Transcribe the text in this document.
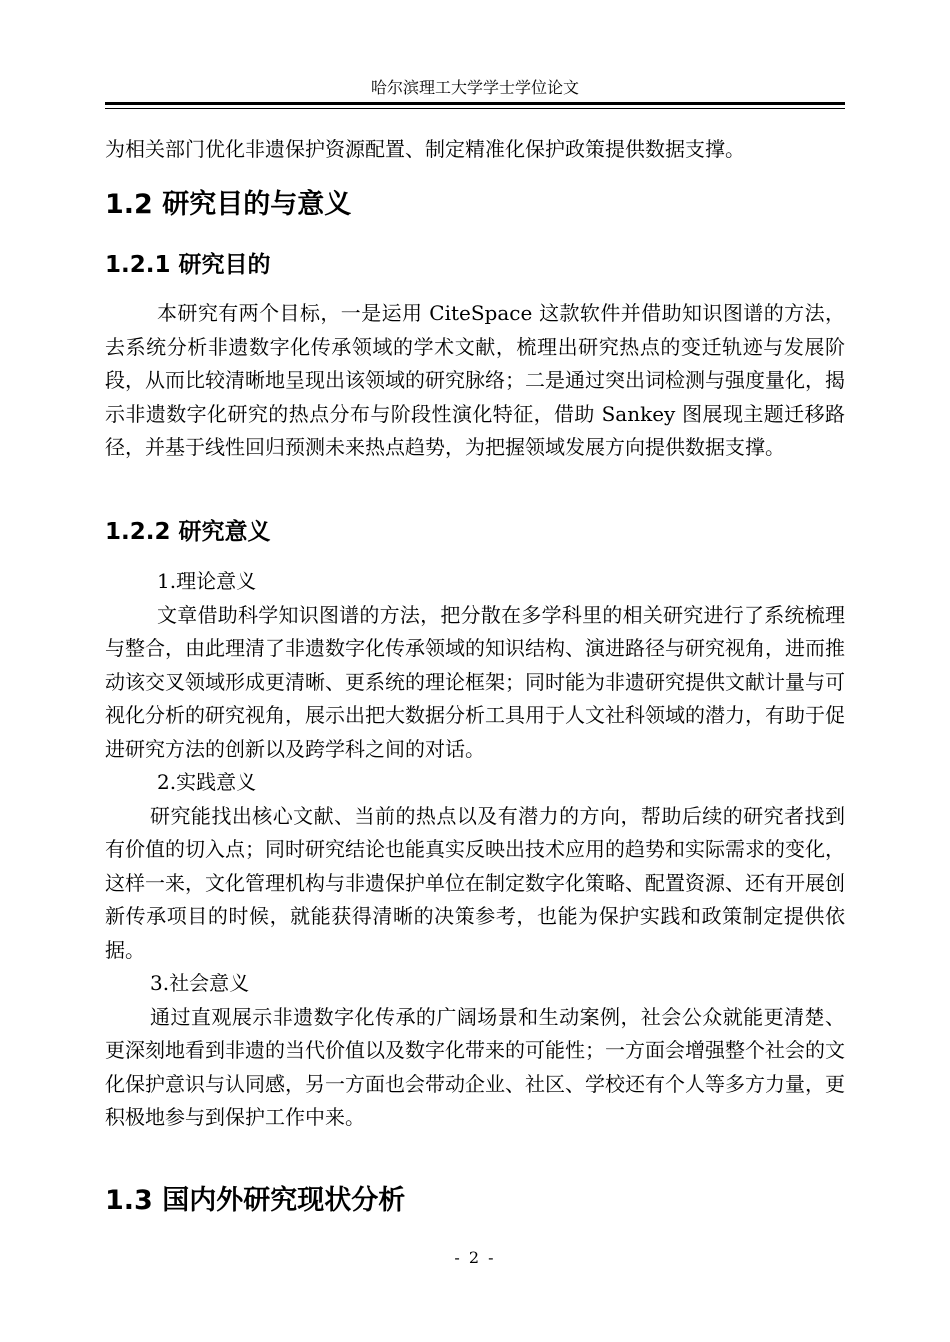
哈尔滨理工大学学士学位论文

为相关部门优化非遗保护资源配置、制定精准化保护政策提供数据支撑。

1.2 研究目的与意义
1.2.1 研究目的

本研究有两个目标，一是运用 CiteSpace 这款软件并借助知识图谱的方法，去系统分析非遗数字化传承领域的学术文献，梳理出研究热点的变迁轨迹与发展阶段，从而比较清晰地呈现出该领域的研究脉络；二是通过突出词检测与强度量化，揭示非遗数字化研究的热点分布与阶段性演化特征，借助 Sankey 图展现主题迁移路径，并基于线性回归预测未来热点趋势，为把握领域发展方向提供数据支撑。

1.2.2 研究意义

1.理论意义

文章借助科学知识图谱的方法，把分散在多学科里的相关研究进行了系统梳理与整合，由此理清了非遗数字化传承领域的知识结构、演进路径与研究视角，进而推动该交叉领域形成更清晰、更系统的理论框架；同时能为非遗研究提供文献计量与可视化分析的研究视角，展示出把大数据分析工具用于人文社科领域的潜力，有助于促进研究方法的创新以及跨学科之间的对话。

2.实践意义

研究能找出核心文献、当前的热点以及有潜力的方向，帮助后续的研究者找到有价值的切入点；同时研究结论也能真实反映出技术应用的趋势和实际需求的变化，这样一来，文化管理机构与非遗保护单位在制定数字化策略、配置资源、还有开展创新传承项目的时候，就能获得清晰的决策参考，也能为保护实践和政策制定提供依据。

3.社会意义

通过直观展示非遗数字化传承的广阔场景和生动案例，社会公众就能更清楚、更深刻地看到非遗的当代价值以及数字化带来的可能性；一方面会增强整个社会的文化保护意识与认同感，另一方面也会带动企业、社区、学校还有个人等多方力量，更积极地参与到保护工作中来。

1.3 国内外研究现状分析
- 2 -
